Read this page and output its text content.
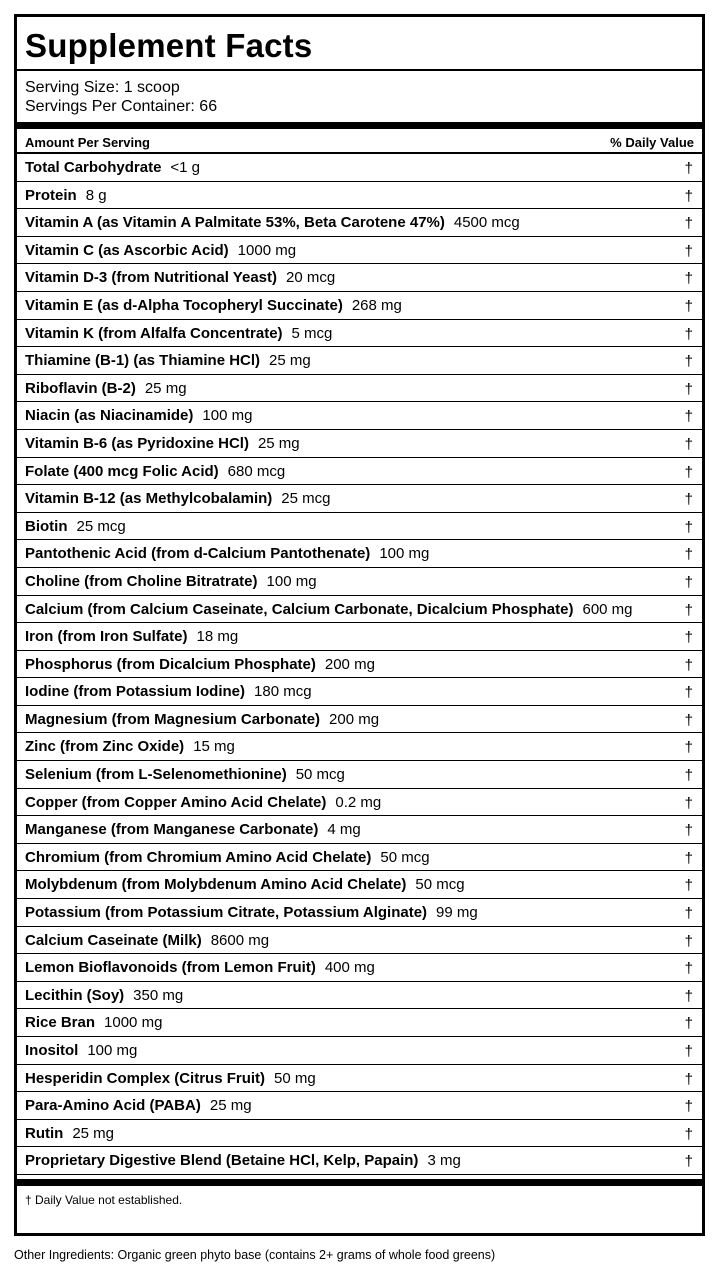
Supplement Facts
Serving Size: 1 scoop
Servings Per Container: 66
Amount Per Serving	% Daily Value
Total Carbohydrate <1 g	†
Protein 8 g	†
Vitamin A (as Vitamin A Palmitate 53%, Beta Carotene 47%) 4500 mcg	†
Vitamin C (as Ascorbic Acid) 1000 mg	†
Vitamin D-3 (from Nutritional Yeast) 20 mcg	†
Vitamin E (as d-Alpha Tocopheryl Succinate) 268 mg	†
Vitamin K (from Alfalfa Concentrate) 5 mcg	†
Thiamine (B-1) (as Thiamine HCl) 25 mg	†
Riboflavin (B-2) 25 mg	†
Niacin (as Niacinamide) 100 mg	†
Vitamin B-6 (as Pyridoxine HCl) 25 mg	†
Folate (400 mcg Folic Acid) 680 mcg	†
Vitamin B-12 (as Methylcobalamin) 25 mcg	†
Biotin 25 mcg	†
Pantothenic Acid (from d-Calcium Pantothenate) 100 mg	†
Choline (from Choline Bitratrate) 100 mg	†
Calcium (from Calcium Caseinate, Calcium Carbonate, Dicalcium Phosphate) 600 mg	†
Iron (from Iron Sulfate) 18 mg	†
Phosphorus (from Dicalcium Phosphate) 200 mg	†
Iodine (from Potassium Iodine) 180 mcg	†
Magnesium (from Magnesium Carbonate) 200 mg	†
Zinc (from Zinc Oxide) 15 mg	†
Selenium (from L-Selenomethionine) 50 mcg	†
Copper (from Copper Amino Acid Chelate) 0.2 mg	†
Manganese (from Manganese Carbonate) 4 mg	†
Chromium (from Chromium Amino Acid Chelate) 50 mcg	†
Molybdenum (from Molybdenum Amino Acid Chelate) 50 mcg	†
Potassium (from Potassium Citrate, Potassium Alginate) 99 mg	†
Calcium Caseinate (Milk) 8600 mg	†
Lemon Bioflavonoids (from Lemon Fruit) 400 mg	†
Lecithin (Soy) 350 mg	†
Rice Bran 1000 mg	†
Inositol 100 mg	†
Hesperidin Complex (Citrus Fruit) 50 mg	†
Para-Amino Acid (PABA) 25 mg	†
Rutin 25 mg	†
Proprietary Digestive Blend (Betaine HCl, Kelp, Papain) 3 mg	†
† Daily Value not established.
Other Ingredients: Organic green phyto base (contains 2+ grams of whole food greens)
